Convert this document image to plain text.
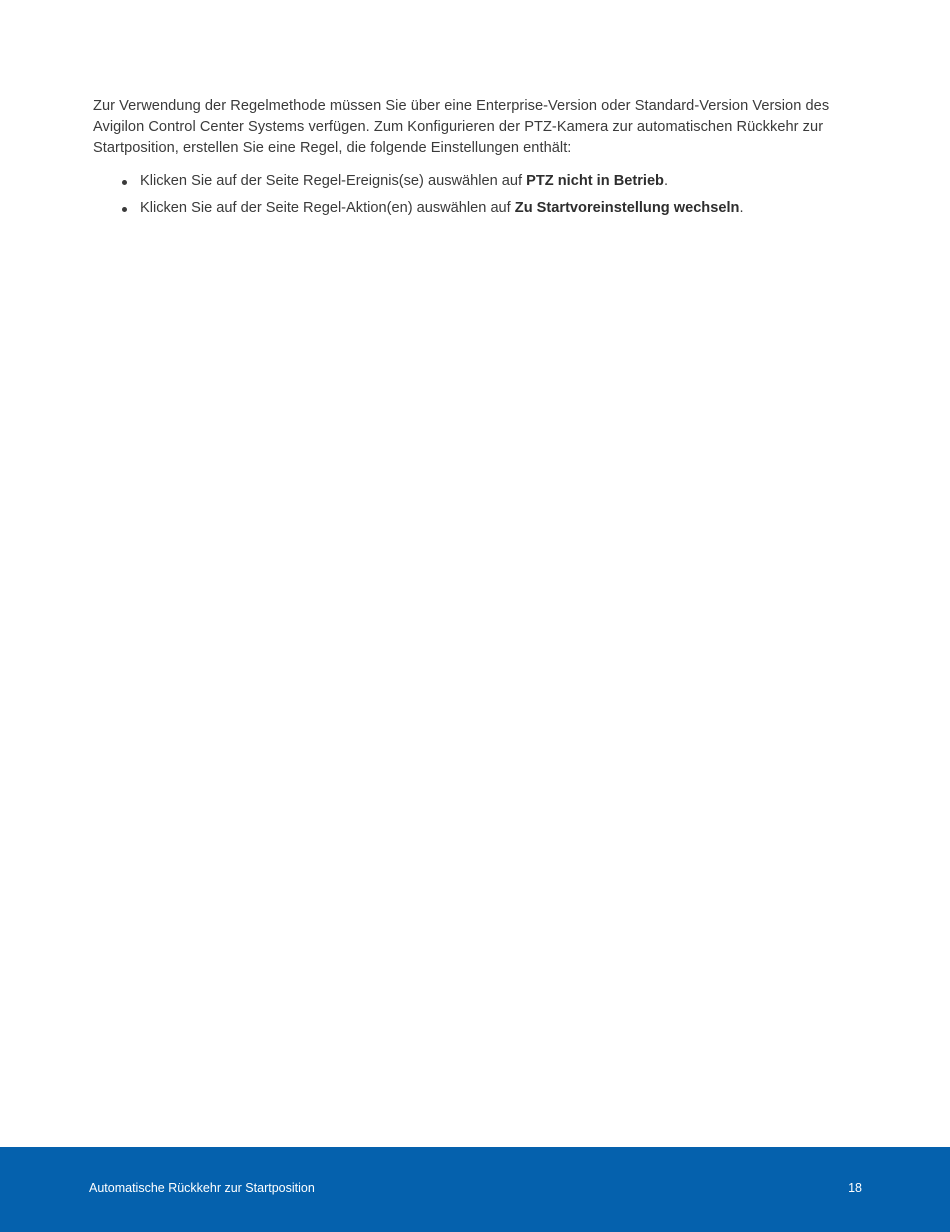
Zur Verwendung der Regelmethode müssen Sie über eine Enterprise-Version oder Standard-Version Version des Avigilon Control Center Systems verfügen. Zum Konfigurieren der PTZ-Kamera zur automatischen Rückkehr zur Startposition, erstellen Sie eine Regel, die folgende Einstellungen enthält:

Klicken Sie auf der Seite Regel-Ereignis(se) auswählen auf PTZ nicht in Betrieb.
Klicken Sie auf der Seite Regel-Aktion(en) auswählen auf Zu Startvoreinstellung wechseln.
Automatische Rückkehr zur Startposition	18
